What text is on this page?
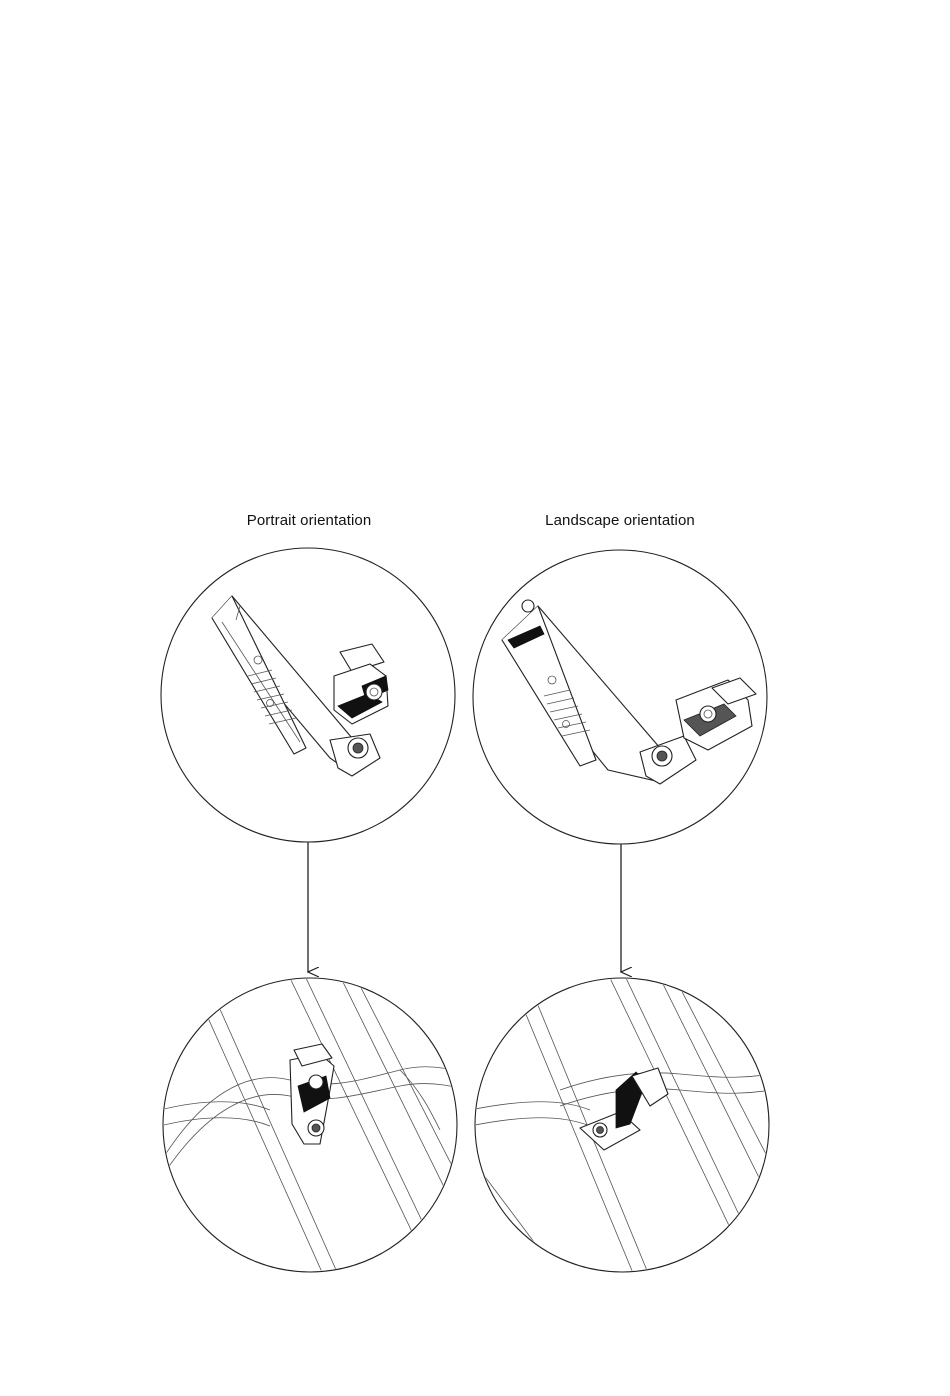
Portrait orientation	Landscape orientation
